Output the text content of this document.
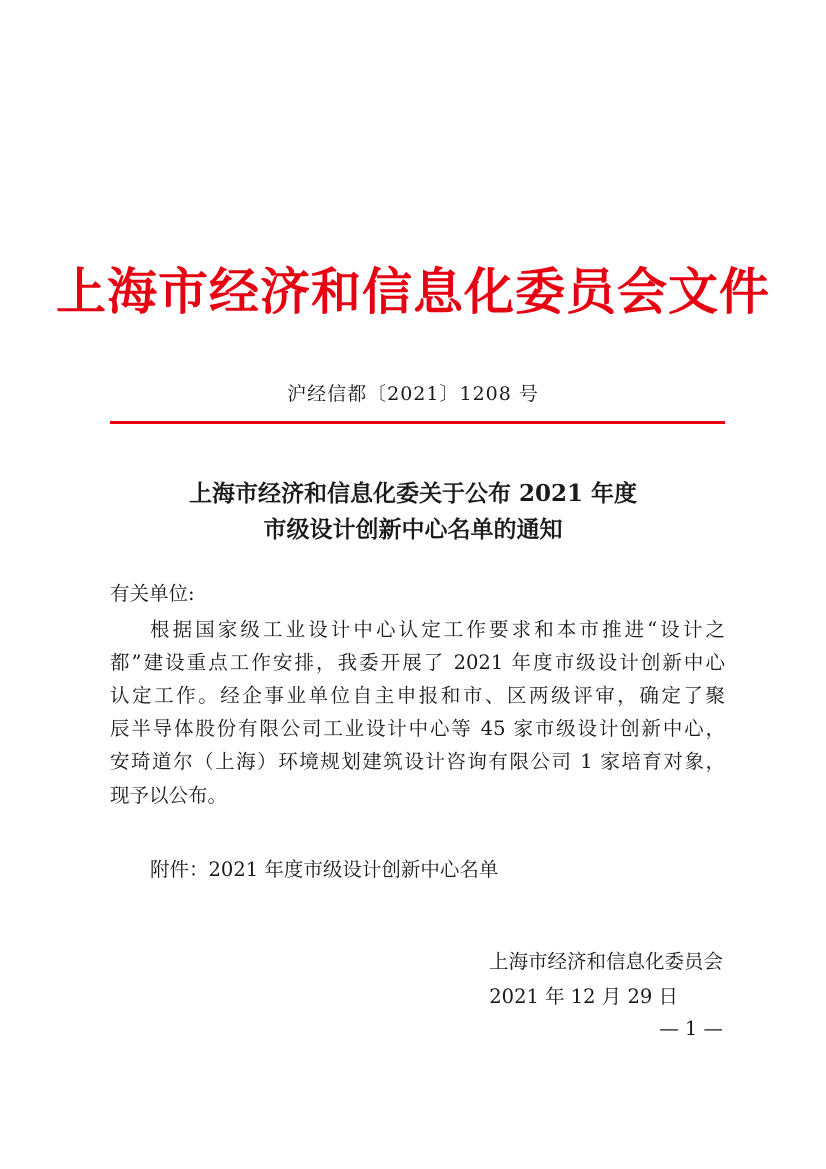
上海市经济和信息化委员会文件
沪经信都〔2021〕1208 号
上海市经济和信息化委关于公布 2021 年度
市级设计创新中心名单的通知
有关单位:
根据国家级工业设计中心认定工作要求和本市推进“设计之
都”建设重点工作安排，我委开展了 2021 年度市级设计创新中心
认定工作。经企事业单位自主申报和市、区两级评审，确定了聚
辰半导体股份有限公司工业设计中心等 45 家市级设计创新中心，
安琦道尔（上海）环境规划建筑设计咨询有限公司 1 家培育对象，
现予以公布。
附件：2021 年度市级设计创新中心名单
上海市经济和信息化委员会
2021 年 12 月 29 日
— 1 —
